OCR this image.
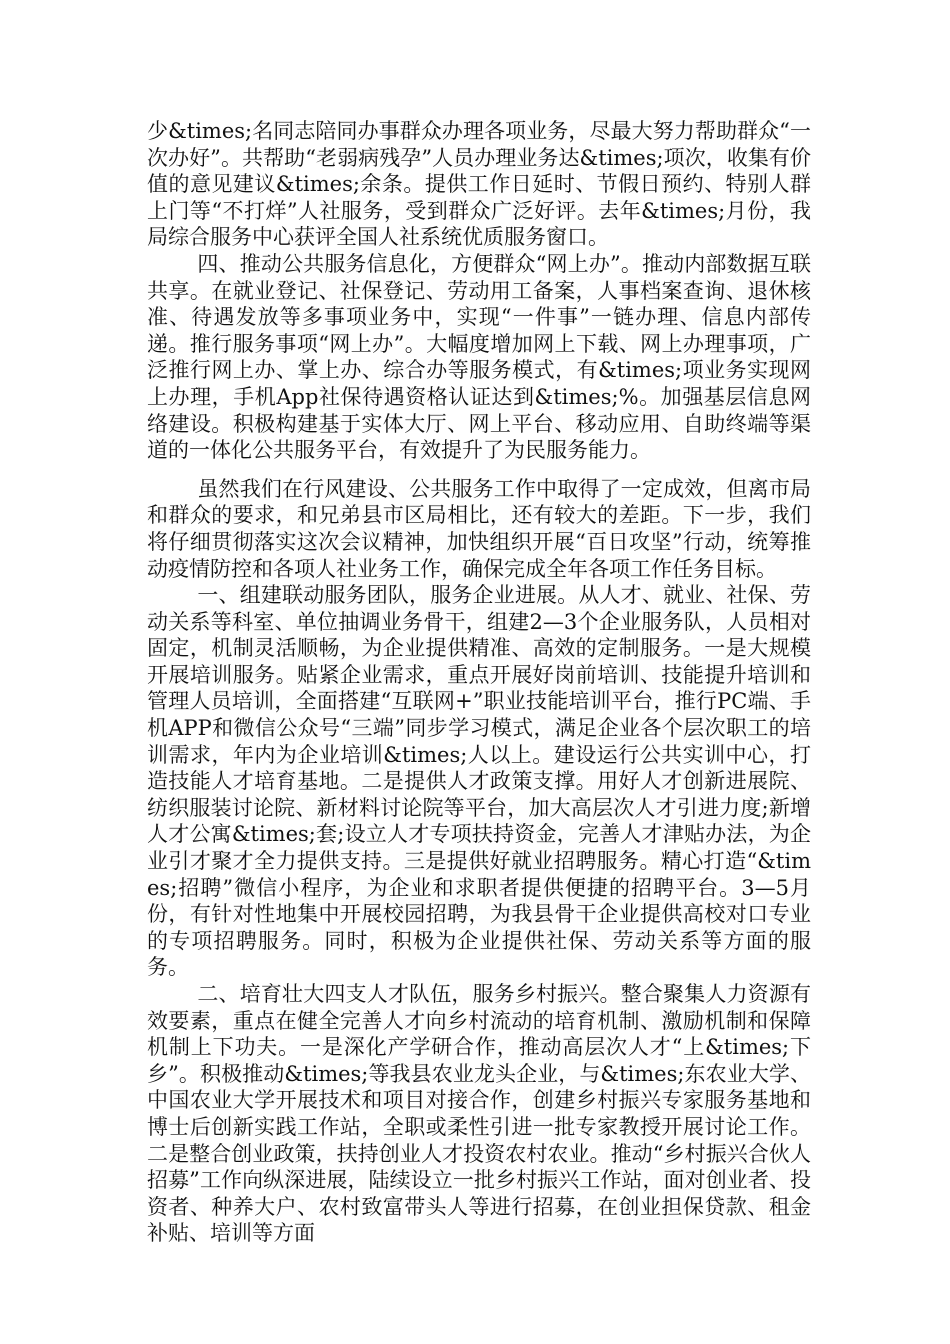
少&times;名同志陪同办事群众办理各项业务，尽最大努力帮助群众“一次办好”。共帮助“老弱病残孕”人员办理业务达&times;项次，收集有价值的意见建议&times;余条。提供工作日延时、节假日预约、特别人群上门等“不打烊”人社服务，受到群众广泛好评。去年&times;月份，我局综合服务中心获评全国人社系统优质服务窗口。

四、推动公共服务信息化，方便群众“网上办”。推动内部数据互联共享。在就业登记、社保登记、劳动用工备案，人事档案查询、退休核准、待遇发放等多事项业务中，实现“一件事”一链办理、信息内部传递。推行服务事项“网上办”。大幅度增加网上下载、网上办理事项，广泛推行网上办、掌上办、综合办等服务模式，有&times;项业务实现网上办理，手机App社保待遇资格认证达到&times;%。加强基层信息网络建设。积极构建基于实体大厅、网上平台、移动应用、自助终端等渠道的一体化公共服务平台，有效提升了为民服务能力。

虽然我们在行风建设、公共服务工作中取得了一定成效，但离市局和群众的要求，和兄弟县市区局相比，还有较大的差距。下一步，我们将仔细贯彻落实这次会议精神，加快组织开展“百日攻坚”行动，统筹推动疫情防控和各项人社业务工作，确保完成全年各项工作任务目标。

一、组建联动服务团队，服务企业进展。从人才、就业、社保、劳动关系等科室、单位抽调业务骨干，组建2—3个企业服务队，人员相对固定，机制灵活顺畅，为企业提供精准、高效的定制服务。一是大规模开展培训服务。贴紧企业需求，重点开展好岗前培训、技能提升培训和管理人员培训，全面搭建“互联网+”职业技能培训平台，推行PC端、手机APP和微信公众号“三端”同步学习模式，满足企业各个层次职工的培训需求，年内为企业培训&times;人以上。建设运行公共实训中心，打造技能人才培育基地。二是提供人才政策支撑。用好人才创新进展院、纺织服装讨论院、新材料讨论院等平台，加大高层次人才引进力度;新增人才公寓&times;套;设立人才专项扶持资金，完善人才津贴办法，为企业引才聚才全力提供支持。三是提供好就业招聘服务。精心打造“&times;招聘”微信小程序，为企业和求职者提供便捷的招聘平台。3—5月份，有针对性地集中开展校园招聘，为我县骨干企业提供高校对口专业的专项招聘服务。同时，积极为企业提供社保、劳动关系等方面的服务。

二、培育壮大四支人才队伍，服务乡村振兴。整合聚集人力资源有效要素，重点在健全完善人才向乡村流动的培育机制、激励机制和保障机制上下功夫。一是深化产学研合作，推动高层次人才“上&times;下乡”。积极推动&times;等我县农业龙头企业，与&times;东农业大学、中国农业大学开展技术和项目对接合作，创建乡村振兴专家服务基地和博士后创新实践工作站，全职或柔性引进一批专家教授开展讨论工作。二是整合创业政策，扶持创业人才投资农村农业。推动“乡村振兴合伙人招募”工作向纵深进展，陆续设立一批乡村振兴工作站，面对创业者、投资者、种养大户、农村致富带头人等进行招募，在创业担保贷款、租金补贴、培训等方面
